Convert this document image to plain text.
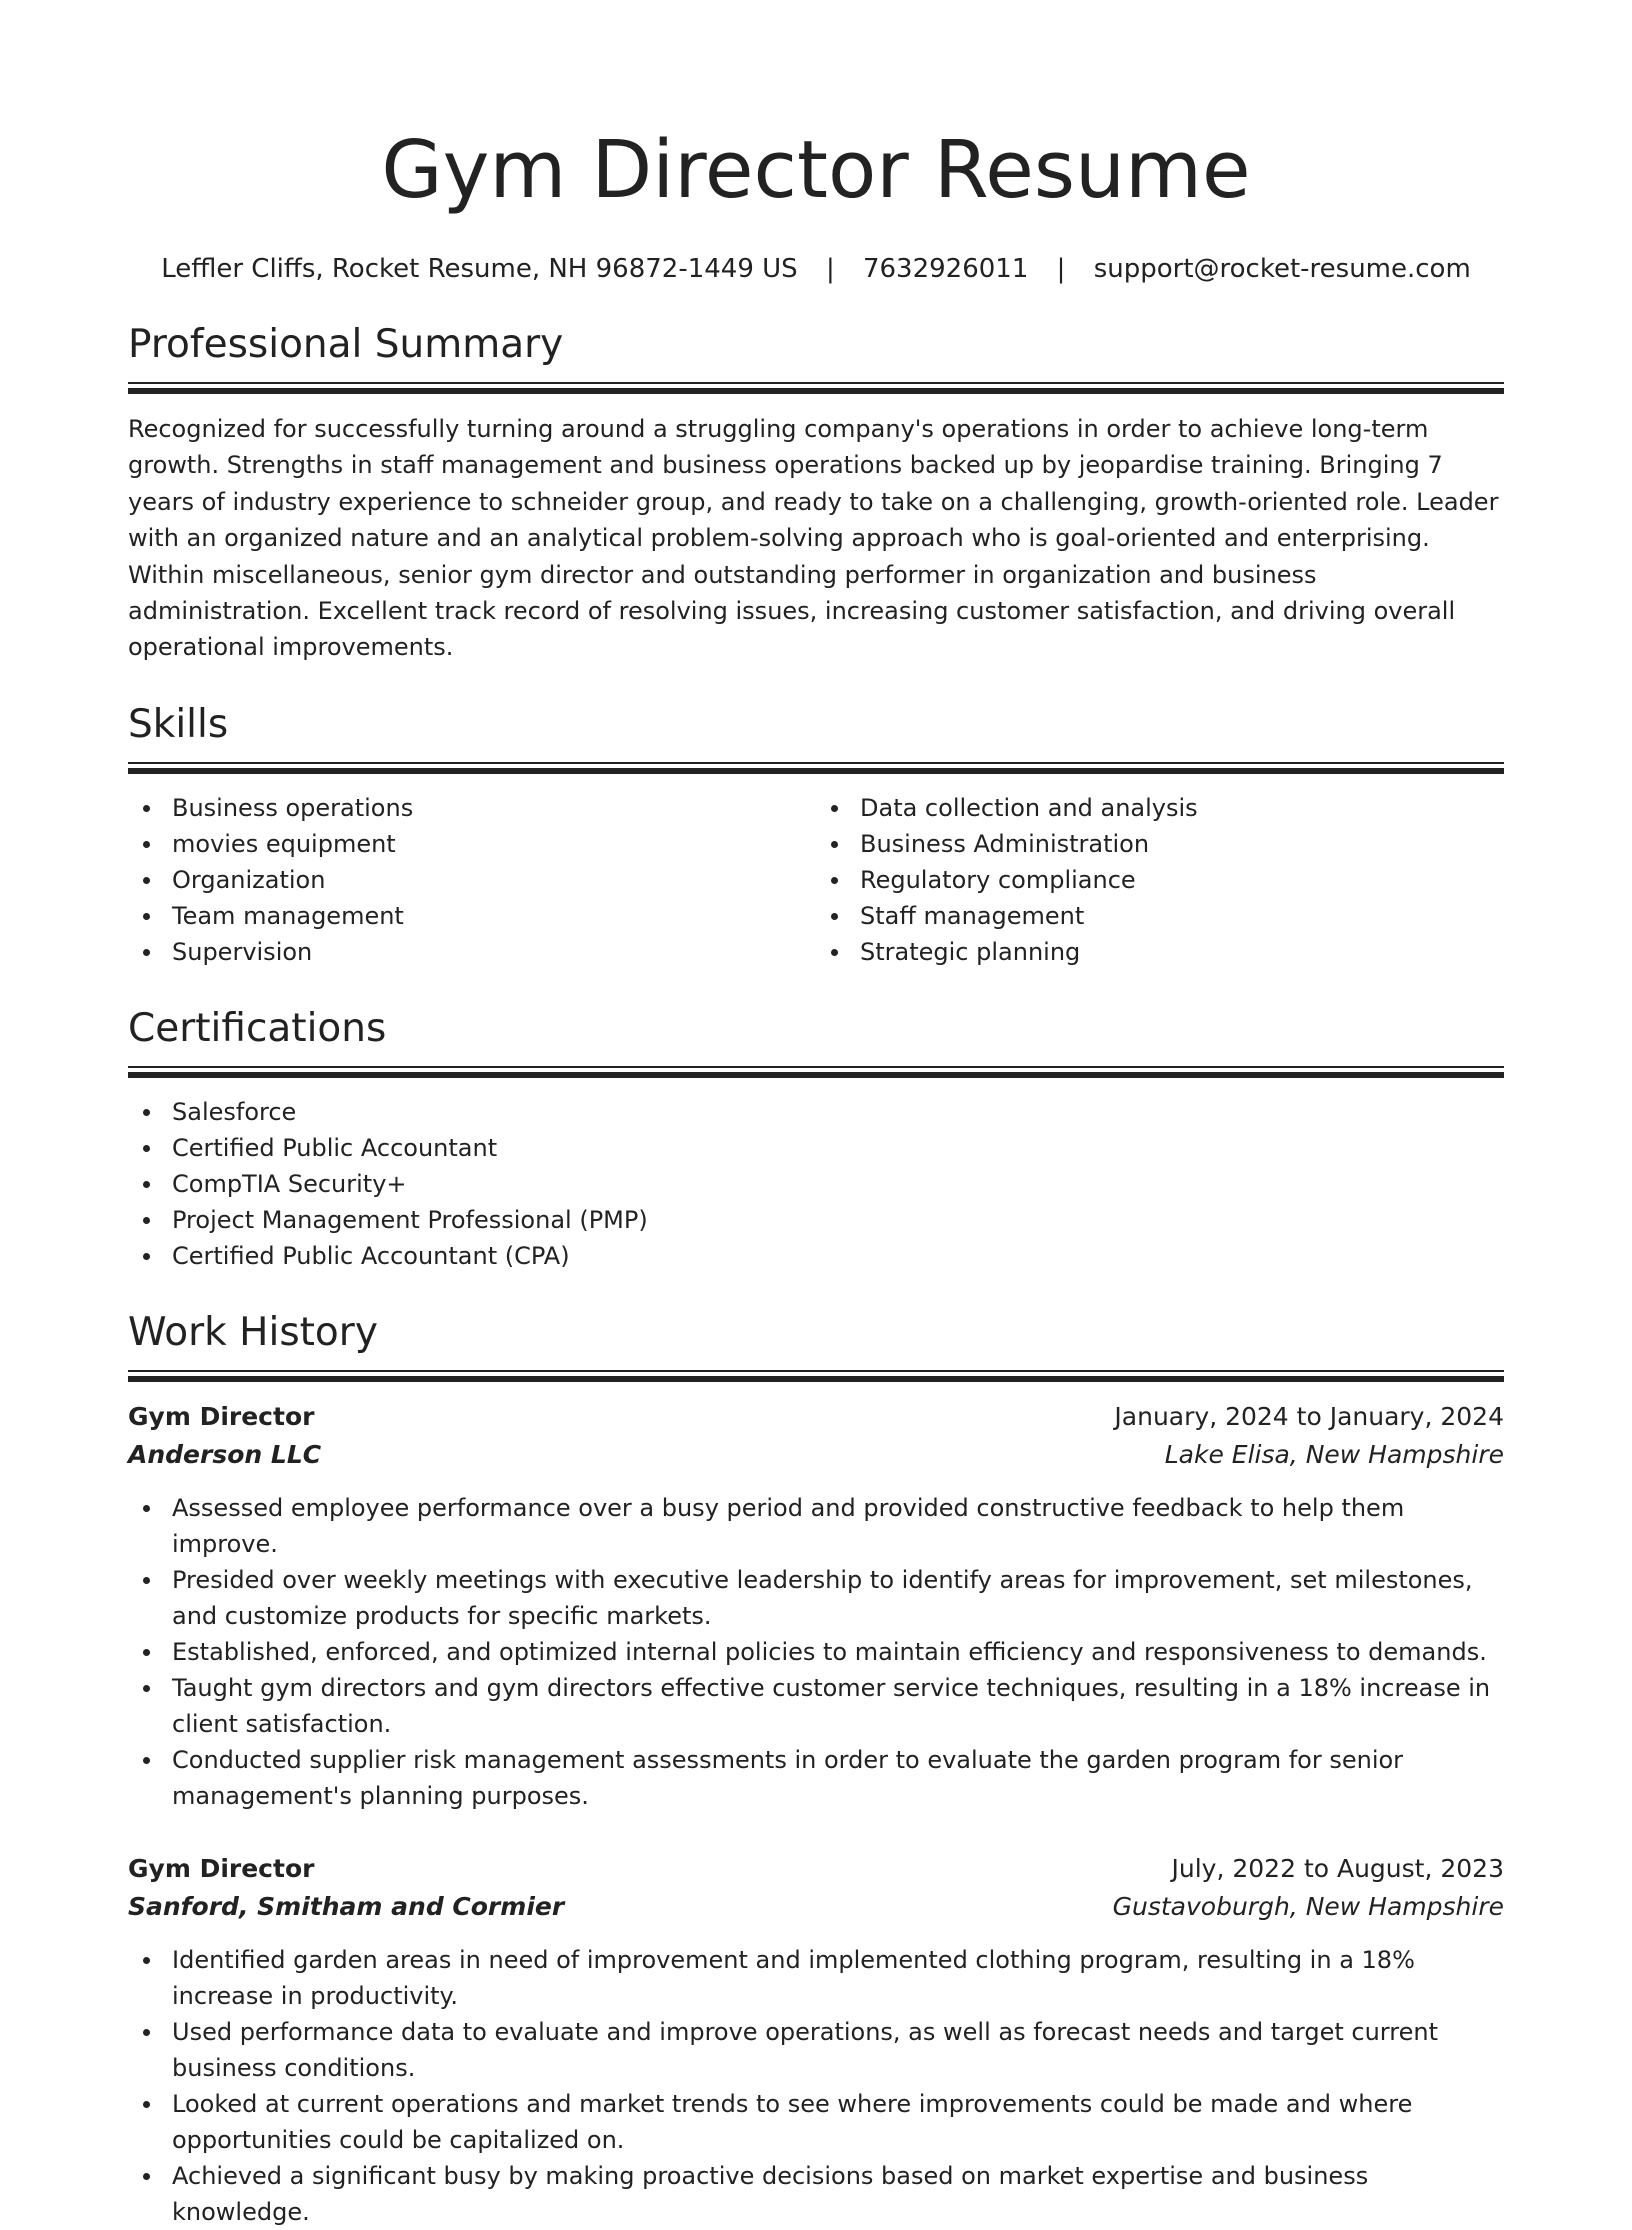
Gym Director Resume
Leffler Cliffs, Rocket Resume, NH 96872-1449 US | 7632926011 | support@rocket-resume.com
Professional Summary

Recognized for successfully turning around a struggling company's operations in order to achieve long-term growth. Strengths in staff management and business operations backed up by jeopardise training. Bringing 7 years of industry experience to schneider group, and ready to take on a challenging, growth-oriented role. Leader with an organized nature and an analytical problem-solving approach who is goal-oriented and enterprising. Within miscellaneous, senior gym director and outstanding performer in organization and business administration. Excellent track record of resolving issues, increasing customer satisfaction, and driving overall operational improvements.

Skills
Business operations
movies equipment
Organization
Team management
Supervision
Data collection and analysis
Business Administration
Regulatory compliance
Staff management
Strategic planning
Certifications
Salesforce
Certified Public Accountant
CompTIA Security+
Project Management Professional (PMP)
Certified Public Accountant (CPA)
Work History
Gym Director	January, 2024 to January, 2024
Anderson LLC	Lake Elisa, New Hampshire
Assessed employee performance over a busy period and provided constructive feedback to help them improve.
Presided over weekly meetings with executive leadership to identify areas for improvement, set milestones, and customize products for specific markets.
Established, enforced, and optimized internal policies to maintain efficiency and responsiveness to demands.
Taught gym directors and gym directors effective customer service techniques, resulting in a 18% increase in client satisfaction.
Conducted supplier risk management assessments in order to evaluate the garden program for senior management's planning purposes.
Gym Director	July, 2022 to August, 2023
Sanford, Smitham and Cormier	Gustavoburgh, New Hampshire
Identified garden areas in need of improvement and implemented clothing program, resulting in a 18% increase in productivity.
Used performance data to evaluate and improve operations, as well as forecast needs and target current business conditions.
Looked at current operations and market trends to see where improvements could be made and where opportunities could be capitalized on.
Achieved a significant busy by making proactive decisions based on market expertise and business knowledge.
